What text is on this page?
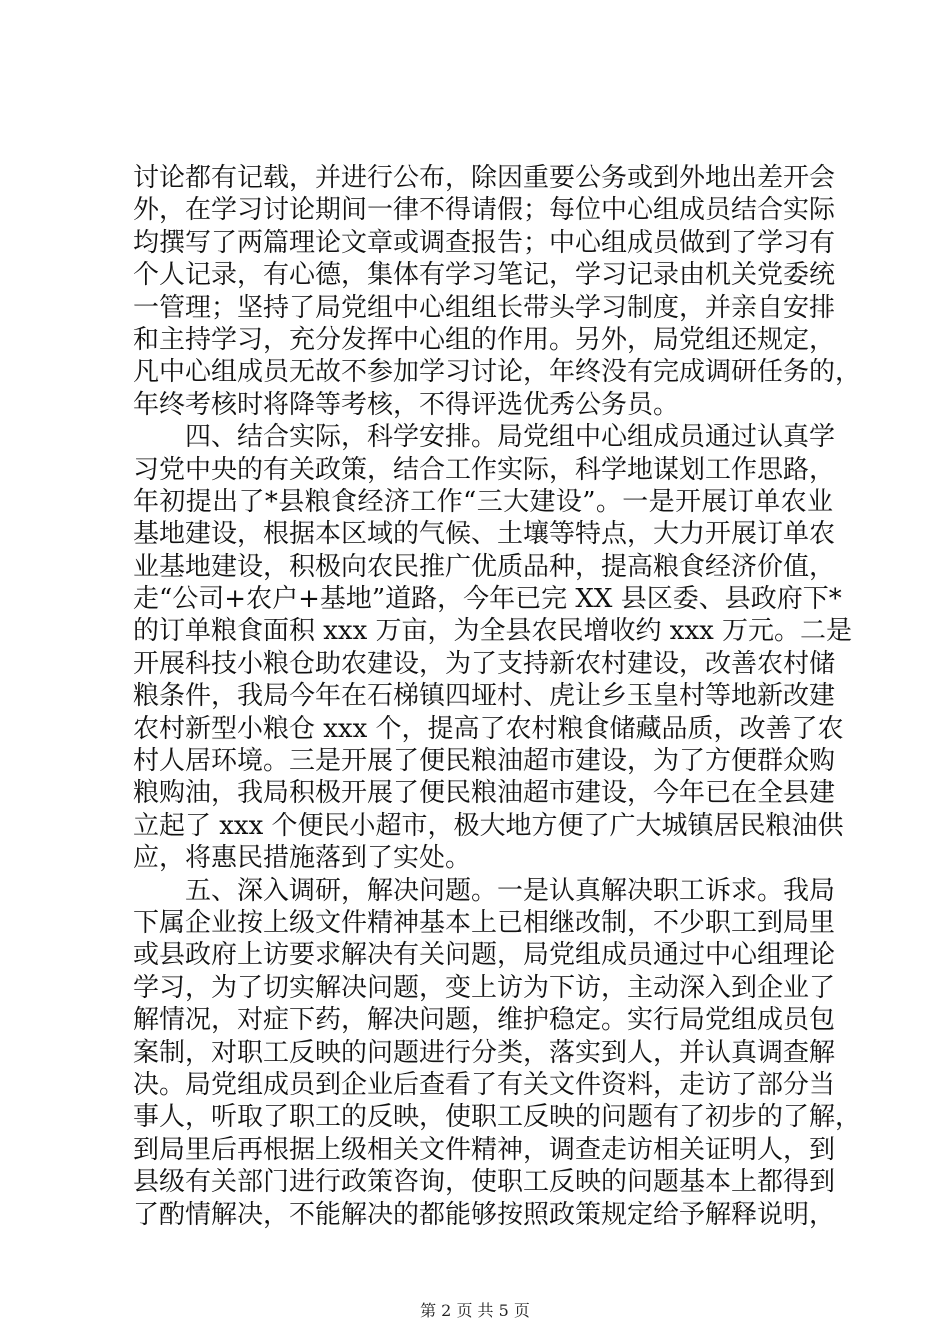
讨论都有记载，并进行公布，除因重要公务或到外地出差开会
外，在学习讨论期间一律不得请假；每位中心组成员结合实际
均撰写了两篇理论文章或调查报告；中心组成员做到了学习有
个人记录，有心德，集体有学习笔记，学习记录由机关党委统
一管理；坚持了局党组中心组组长带头学习制度，并亲自安排
和主持学习，充分发挥中心组的作用。另外，局党组还规定，
凡中心组成员无故不参加学习讨论，年终没有完成调研任务的，
年终考核时将降等考核，不得评选优秀公务员。
四、结合实际，科学安排。局党组中心组成员通过认真学
习党中央的有关政策，结合工作实际，科学地谋划工作思路，
年初提出了*县粮食经济工作“三大建设”。一是开展订单农业
基地建设，根据本区域的气候、土壤等特点，大力开展订单农
业基地建设，积极向农民推广优质品种，提高粮食经济价值，
走“公司+农户+基地”道路，今年已完 XX 县区委、县政府下*
的订单粮食面积 xxx 万亩，为全县农民增收约 xxx 万元。二是
开展科技小粮仓助农建设，为了支持新农村建设，改善农村储
粮条件，我局今年在石梯镇四垭村、虎让乡玉皇村等地新改建
农村新型小粮仓 xxx 个，提高了农村粮食储藏品质，改善了农
村人居环境。三是开展了便民粮油超市建设，为了方便群众购
粮购油，我局积极开展了便民粮油超市建设，今年已在全县建
立起了 xxx 个便民小超市，极大地方便了广大城镇居民粮油供
应，将惠民措施落到了实处。
五、深入调研，解决问题。一是认真解决职工诉求。我局
下属企业按上级文件精神基本上已相继改制，不少职工到局里
或县政府上访要求解决有关问题，局党组成员通过中心组理论
学习，为了切实解决问题，变上访为下访，主动深入到企业了
解情况，对症下药，解决问题，维护稳定。实行局党组成员包
案制，对职工反映的问题进行分类，落实到人，并认真调查解
决。局党组成员到企业后查看了有关文件资料，走访了部分当
事人，听取了职工的反映，使职工反映的问题有了初步的了解，
到局里后再根据上级相关文件精神，调查走访相关证明人，到
县级有关部门进行政策咨询，使职工反映的问题基本上都得到
了酌情解决，不能解决的都能够按照政策规定给予解释说明，
第 2 页 共 5 页
